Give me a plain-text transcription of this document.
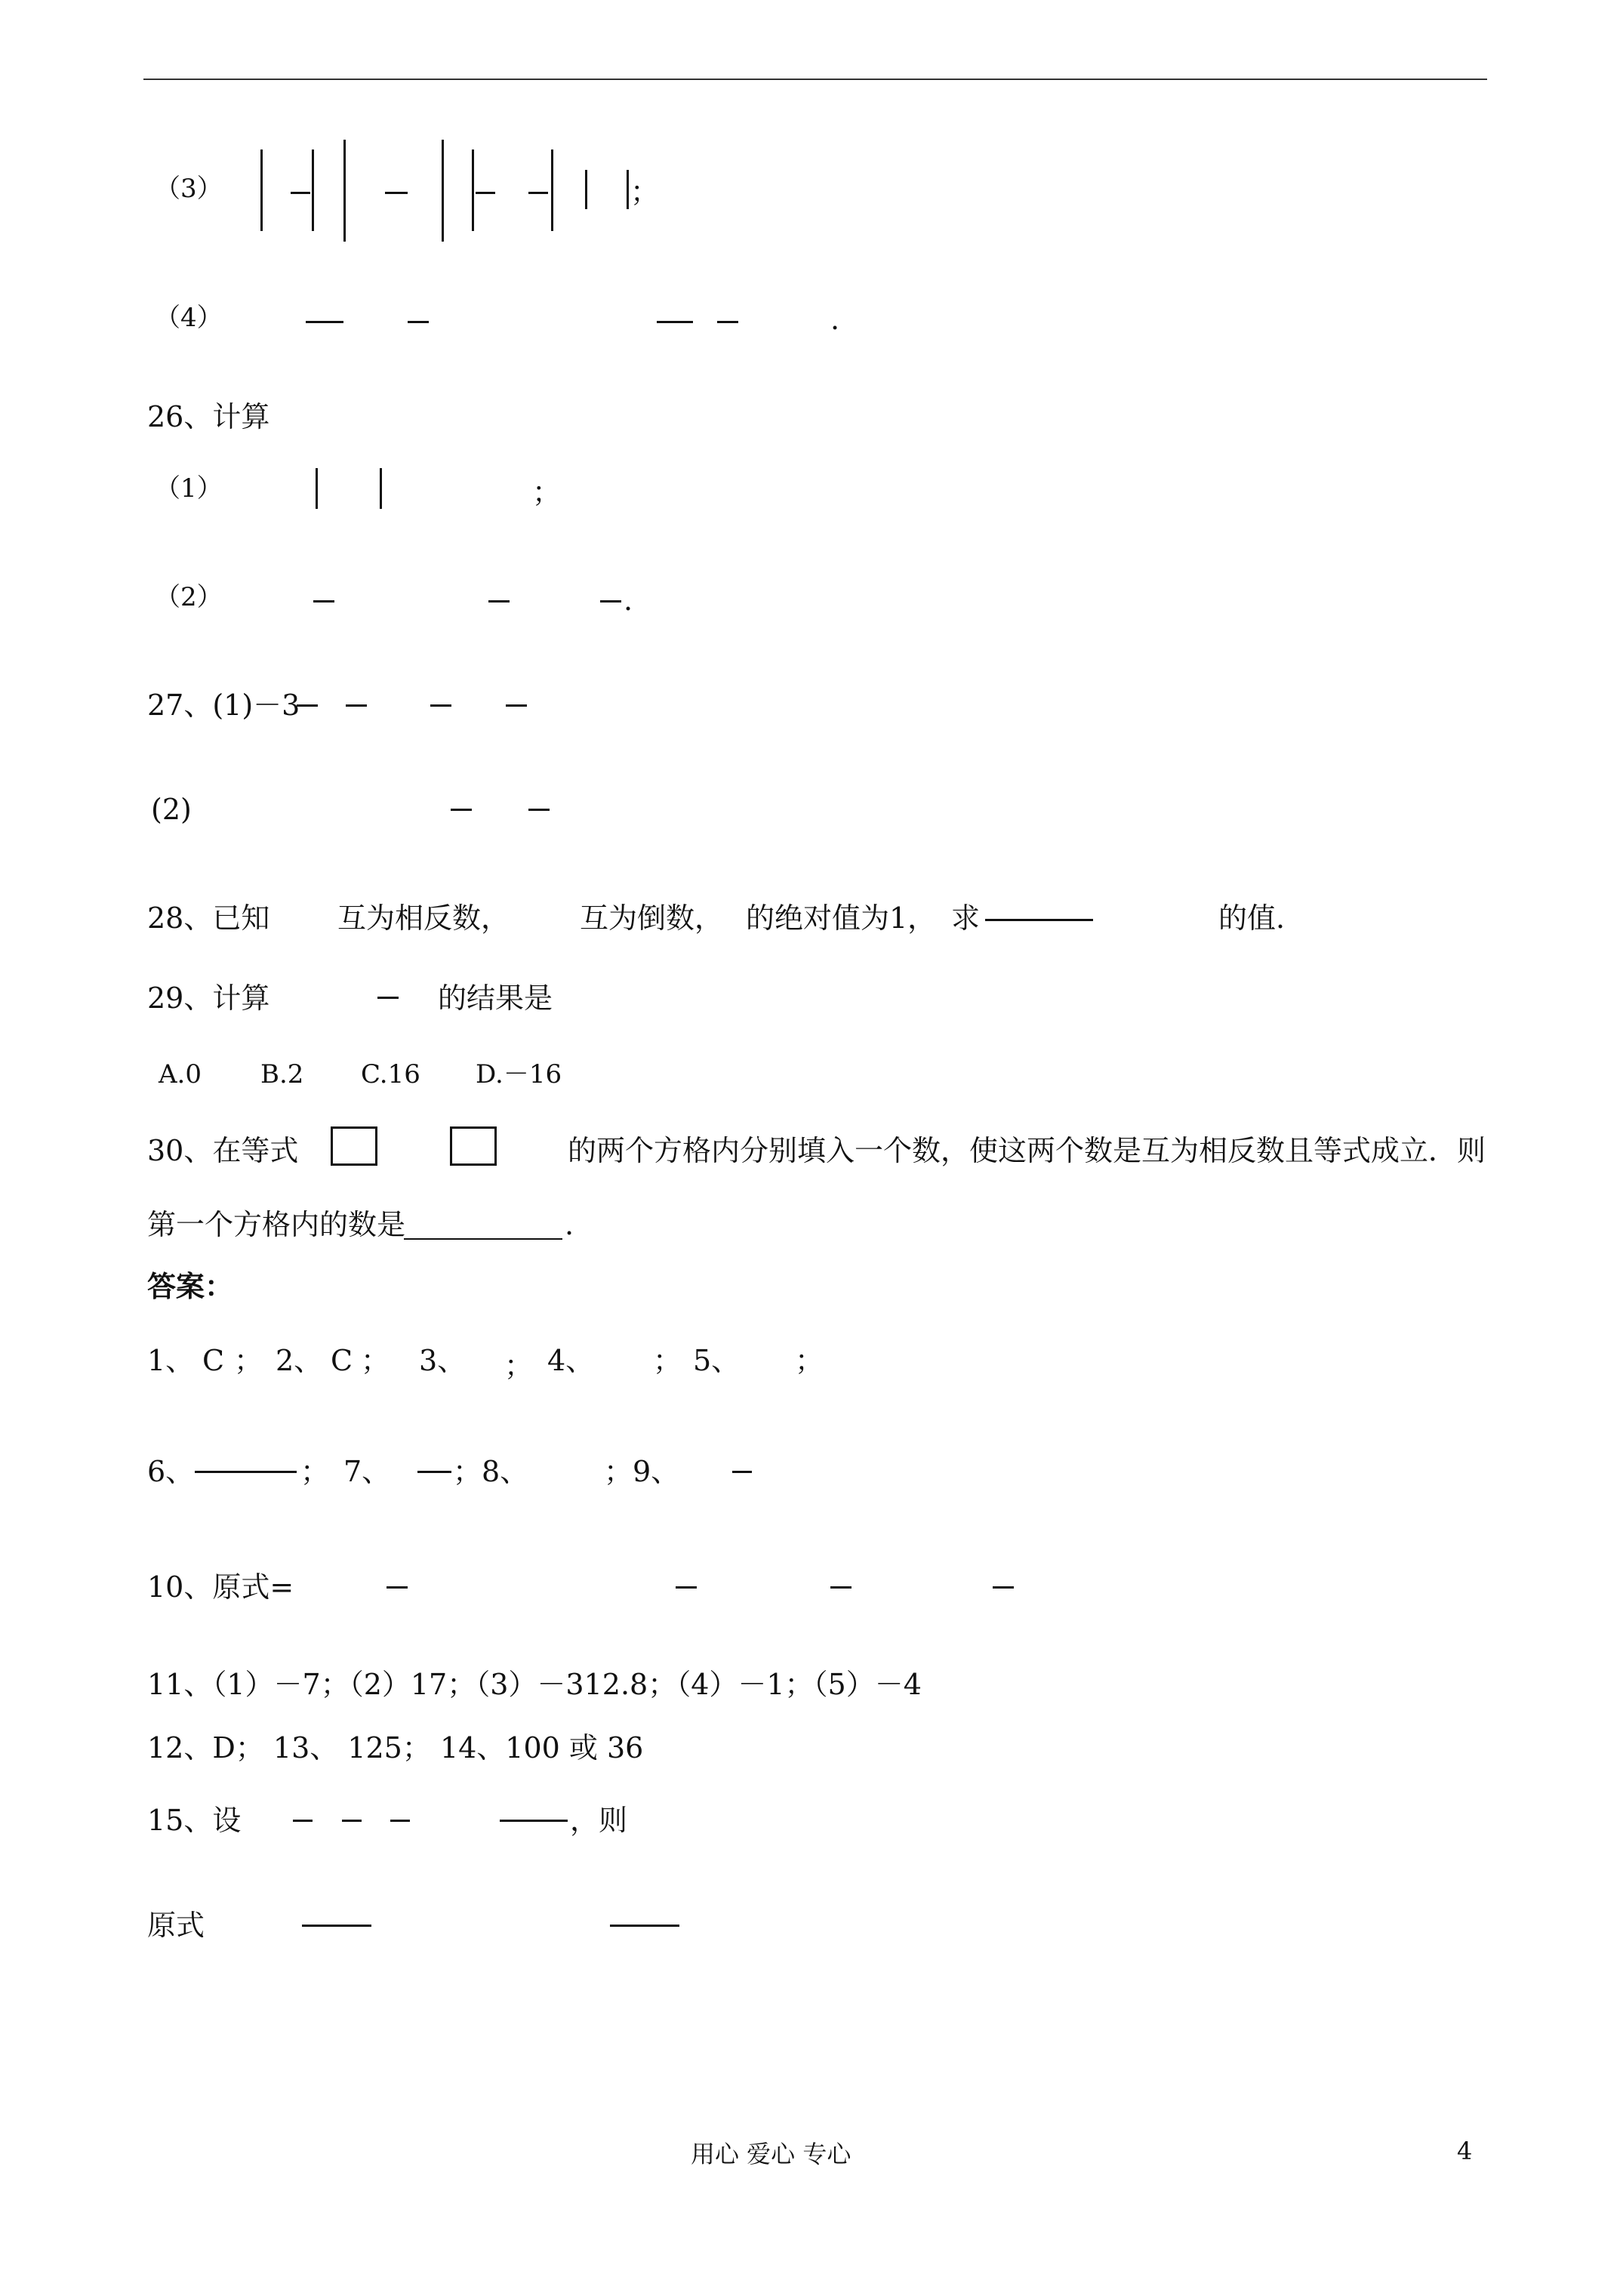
（3）	；
（4）	.
26、计算
（1）	；
（2）	.
27、(1)－3
(2)
28、已知 互为相反数， 互为倒数， 的绝对值为1， 求	的值.
29、计算	的结果是
A.0 B.2 C.16 D.－16
30、在等式	的两个方格内分别填入一个数，使这两个数是互为相反数且等式成立．则
第一个方格内的数是	.
答案：
1、 C ； 2、 C ； 3、 ； 4、 ； 5、 ；
6、	； 7、 ；8、	；9、
10、原式=
11、（1）－7；（2）17；（3）－312.8；（4）－1；（5）－4
12、D； 13、 125； 14、100 或 36
15、设	，则
原式
用心 爱心 专心	4
